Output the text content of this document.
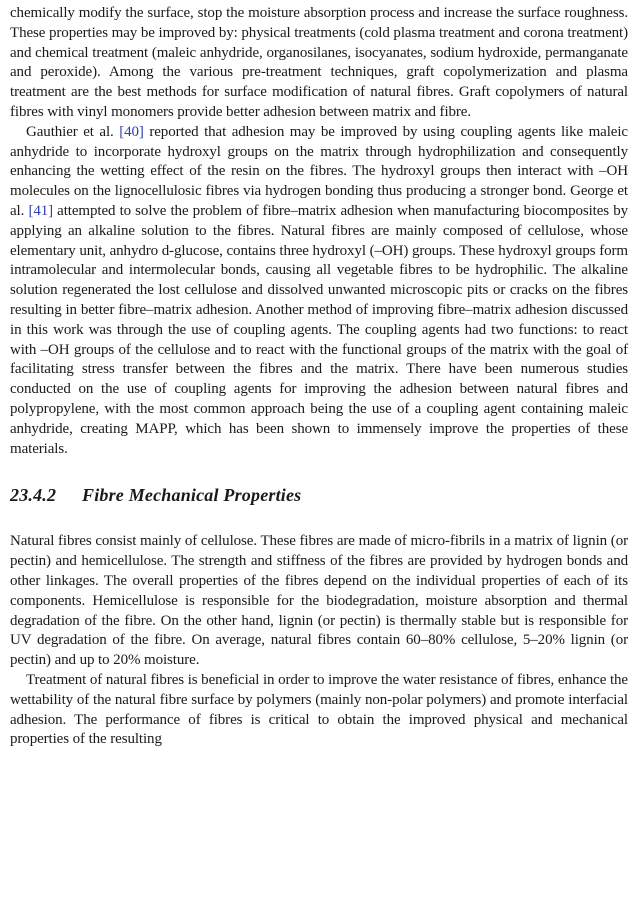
chemically modify the surface, stop the moisture absorption process and increase the surface roughness. These properties may be improved by: physical treatments (cold plasma treatment and corona treatment) and chemical treatment (maleic anhydride, organosilanes, isocyanates, sodium hydroxide, permanganate and peroxide). Among the various pre-treatment techniques, graft copolymerization and plasma treatment are the best methods for surface modification of natural fibres. Graft copolymers of natural fibres with vinyl monomers provide better adhesion between matrix and fibre.

Gauthier et al. [40] reported that adhesion may be improved by using coupling agents like maleic anhydride to incorporate hydroxyl groups on the matrix through hydrophilization and consequently enhancing the wetting effect of the resin on the fibres. The hydroxyl groups then interact with –OH molecules on the lignocellulosic fibres via hydrogen bonding thus producing a stronger bond. George et al. [41] attempted to solve the problem of fibre–matrix adhesion when manufacturing biocomposites by applying an alkaline solution to the fibres. Natural fibres are mainly composed of cellulose, whose elementary unit, anhydro d-glucose, contains three hydroxyl (–OH) groups. These hydroxyl groups form intramolecular and intermolecular bonds, causing all vegetable fibres to be hydrophilic. The alkaline solution regenerated the lost cellulose and dissolved unwanted microscopic pits or cracks on the fibres resulting in better fibre–matrix adhesion. Another method of improving fibre–matrix adhesion discussed in this work was through the use of coupling agents. The coupling agents had two functions: to react with –OH groups of the cellulose and to react with the functional groups of the matrix with the goal of facilitating stress transfer between the fibres and the matrix. There have been numerous studies conducted on the use of coupling agents for improving the adhesion between natural fibres and polypropylene, with the most common approach being the use of a coupling agent containing maleic anhydride, creating MAPP, which has been shown to immensely improve the properties of these materials.

23.4.2 Fibre Mechanical Properties

Natural fibres consist mainly of cellulose. These fibres are made of micro-fibrils in a matrix of lignin (or pectin) and hemicellulose. The strength and stiffness of the fibres are provided by hydrogen bonds and other linkages. The overall properties of the fibres depend on the individual properties of each of its components. Hemicellulose is responsible for the biodegradation, moisture absorption and thermal degradation of the fibre. On the other hand, lignin (or pectin) is thermally stable but is responsible for UV degradation of the fibre. On average, natural fibres contain 60–80% cellulose, 5–20% lignin (or pectin) and up to 20% moisture.

Treatment of natural fibres is beneficial in order to improve the water resistance of fibres, enhance the wettability of the natural fibre surface by polymers (mainly non-polar polymers) and promote interfacial adhesion. The performance of fibres is critical to obtain the improved physical and mechanical properties of the resulting
